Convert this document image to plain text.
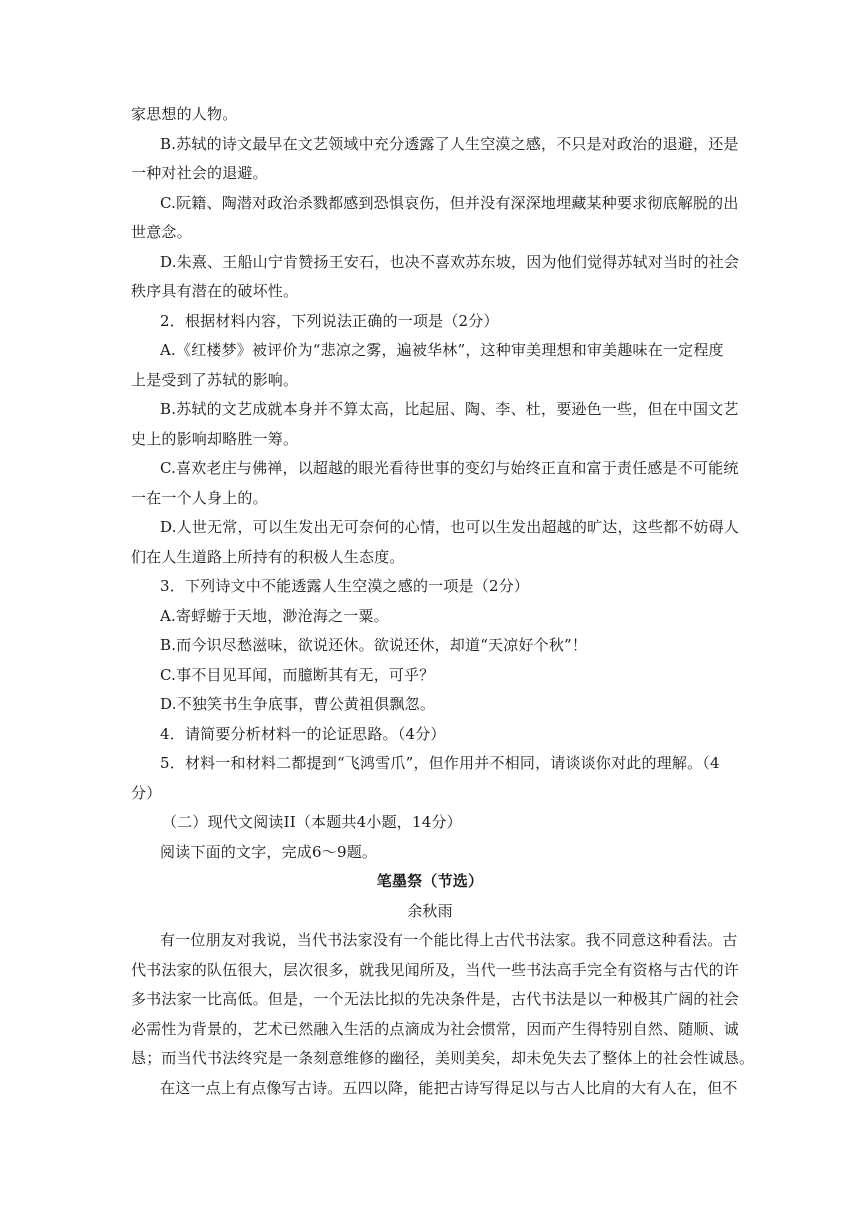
家思想的人物。
B.苏轼的诗文最早在文艺领域中充分透露了人生空漠之感，不只是对政治的退避，还是
一种对社会的退避。
C.阮籍、陶潜对政治杀戮都感到恐惧哀伤，但并没有深深地埋藏某种要求彻底解脱的出
世意念。
D.朱熹、王船山宁肯赞扬王安石，也决不喜欢苏东坡，因为他们觉得苏轼对当时的社会
秩序具有潜在的破坏性。
2．根据材料内容，下列说法正确的一项是（2分）
A.《红楼梦》被评价为“悲凉之雾，遍被华林”，这种审美理想和审美趣味在一定程度
上是受到了苏轼的影响。
B.苏轼的文艺成就本身并不算太高，比起屈、陶、李、杜，要逊色一些，但在中国文艺
史上的影响却略胜一筹。
C.喜欢老庄与佛禅，以超越的眼光看待世事的变幻与始终正直和富于责任感是不可能统
一在一个人身上的。
D.人世无常，可以生发出无可奈何的心情，也可以生发出超越的旷达，这些都不妨碍人
们在人生道路上所持有的积极人生态度。
3．下列诗文中不能透露人生空漠之感的一项是（2分）
A.寄蜉蝣于天地，渺沧海之一粟。
B.而今识尽愁滋味，欲说还休。欲说还休，却道“天凉好个秋”！
C.事不目见耳闻，而臆断其有无，可乎？
D.不独笑书生争底事，曹公黄祖俱飘忽。
4．请简要分析材料一的论证思路。（4分）
5．材料一和材料二都提到“飞鸿雪爪”，但作用并不相同，请谈谈你对此的理解。（4
分）
（二）现代文阅读II（本题共4小题，14分）
阅读下面的文字，完成6～9题。
笔墨祭（节选）
余秋雨
有一位朋友对我说，当代书法家没有一个能比得上古代书法家。我不同意这种看法。古
代书法家的队伍很大，层次很多，就我见闻所及，当代一些书法高手完全有资格与古代的许
多书法家一比高低。但是，一个无法比拟的先决条件是，古代书法是以一种极其广阔的社会
必需性为背景的，艺术已然融入生活的点滴成为社会惯常，因而产生得特别自然、随顺、诚
恳；而当代书法终究是一条刻意维修的幽径，美则美矣，却未免失去了整体上的社会性诚恳。
在这一点上有点像写古诗。五四以降，能把古诗写得足以与古人比肩的大有人在，但不
